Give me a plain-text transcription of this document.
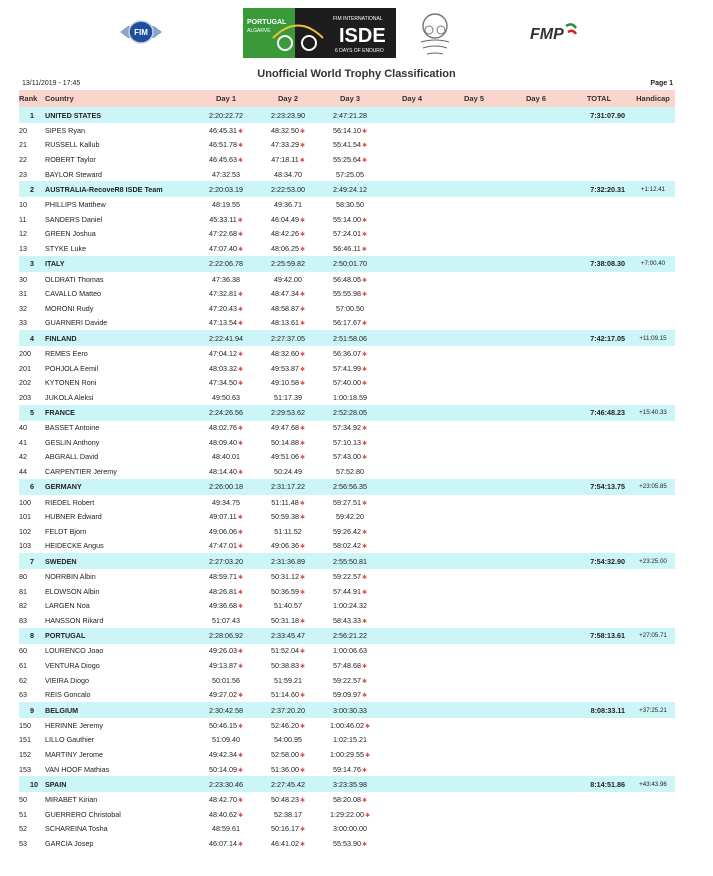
FIM
PORTUGAL
ALGARVE
FIM INTERNATIONAL
ISDE
6 DAYS OF ENDURO
FMP
13/11/2019 - 17:45
Unofficial World Trophy Classification
Page 1
Rank	Country	Day 1	Day 2	Day 3	Day 4	Day 5	Day 6	TOTAL	Handicap
1	UNITED STATES	2:20:22.72	2:23:23.90	2:47:21.28				7:31:07.90	
20	SIPES Ryan	46:45.31✱	48:32.50✱	56:14.10✱					
21	RUSSELL Kallub	46:51.78✱	47:33.29✱	55:41.54✱					
22	ROBERT Taylor	46:45.63✱	47:18.11✱	55:25.64✱					
23	BAYLOR Steward	47:32.53	48:34.70	57:25.05					
2	AUSTRALIA-RecoveR8 ISDE Team	2:20:03.19	2:22:53.00	2:49:24.12				7:32:20.31	+1:12.41
10	PHILLIPS Matthew	48:19.55	49:36.71	58:30.50					
11	SANDERS Daniel	45:33.11✱	46:04.49✱	55:14.00✱					
12	GREEN Joshua	47:22.68✱	48:42.26✱	57:24.01✱					
13	STYKE Luke	47:07.40✱	48:06.25✱	56:46.11✱					
3	ITALY	2:22:06.78	2:25:59.82	2:50:01.70				7:38:08.30	+7:00.40
30	OLDRATI Thomas	47:36.38	49:42.00	56:48.05✱					
31	CAVALLO Matteo	47:32.81✱	48:47.34✱	55:55.98✱					
32	MORONI Rudy	47:20.43✱	48:58.87✱	57:00.50					
33	GUARNERI Davide	47:13.54✱	48:13.61✱	56:17.67✱					
4	FINLAND	2:22:41.94	2:27:37.05	2:51:58.06				7:42:17.05	+11:09.15
200	REMES Eero	47:04.12✱	48:32.60✱	56:36.07✱					
201	POHJOLA Eemil	48:03.32✱	49:53.87✱	57:41.99✱					
202	KYTONEN Roni	47:34.50✱	49:10.58✱	57:40.00✱					
203	JUKOLA Aleksi	49:50.63	51:17.39	1:00:18.59					
5	FRANCE	2:24:26.56	2:29:53.62	2:52:28.05				7:46:48.23	+15:40.33
40	BASSET Antoine	48:02.76✱	49:47.68✱	57:34.92✱					
41	GESLIN Anthony	48:09.40✱	50:14.88✱	57:10.13✱					
42	ABGRALL David	48:40.01	49:51.06✱	57:43.00✱					
44	CARPENTIER Jeremy	48:14.40✱	50:24.49	57:52.80					
6	GERMANY	2:26:00.18	2:31:17.22	2:56:56.35				7:54:13.75	+23:05.85
100	RIEDEL Robert	49:34.75	51:11.48✱	59:27.51✱					
101	HUBNER Edward	49:07.11✱	50:59.38✱	59:42.20					
102	FELDT Bjorn	49:06.06✱	51:11.52	59:26.42✱					
103	HEIDECKE Angus	47:47.01✱	49:06.36✱	58:02.42✱					
7	SWEDEN	2:27:03.20	2:31:36.89	2:55:50.81				7:54:32.90	+23:25.00
80	NORRBIN Albin	48:59.71✱	50:31.12✱	59:22.57✱					
81	ELOWSON Albin	48:26.81✱	50:36.59✱	57:44.91✱					
82	LARGEN Noa	49:36.68✱	51:40.57	1:00:24.32					
83	HANSSON Rikard	51:07.43	50:31.18✱	58:43.33✱					
8	PORTUGAL	2:28:06.92	2:33:45.47	2:56:21.22				7:58:13.61	+27:05.71
60	LOURENCO Joao	49:26.03✱	51:52.04✱	1:00:06.63					
61	VENTURA Diogo	49:13.87✱	50:38.83✱	57:48.68✱					
62	VIEIRA Diogo	50:01.56	51:59.21	59:22.57✱					
63	REIS Goncalo	49:27.02✱	51:14.60✱	59:09.97✱					
9	BELGIUM	2:30:42.58	2:37:20.20	3:00:30.33				8:08:33.11	+37:25.21
150	HERINNE Jeremy	50:46.15✱	52:46.20✱	1:00:46.02✱					
151	LILLO Gauthier	51:09.40	54:00.95	1:02:15.21					
152	MARTINY Jerome	49:42.34✱	52:58.00✱	1:00:29.55✱					
153	VAN HOOF Mathias	50:14.09✱	51:36.00✱	59:14.76✱					
10	SPAIN	2:23:30.46	2:27:45.42	3:23:35.98				8:14:51.86	+43:43.96
50	MIRABET Kirian	48:42.70✱	50:48.23✱	58:20.08✱					
51	GUERRERO Christobal	48:40.62✱	52:38.17	1:29:22.00✱					
52	SCHAREINA Tosha	48:59.61	50:16.17✱	3:00:00.00					
53	GARCIA Josep	46:07.14✱	46:41.02✱	55:53.90✱					
